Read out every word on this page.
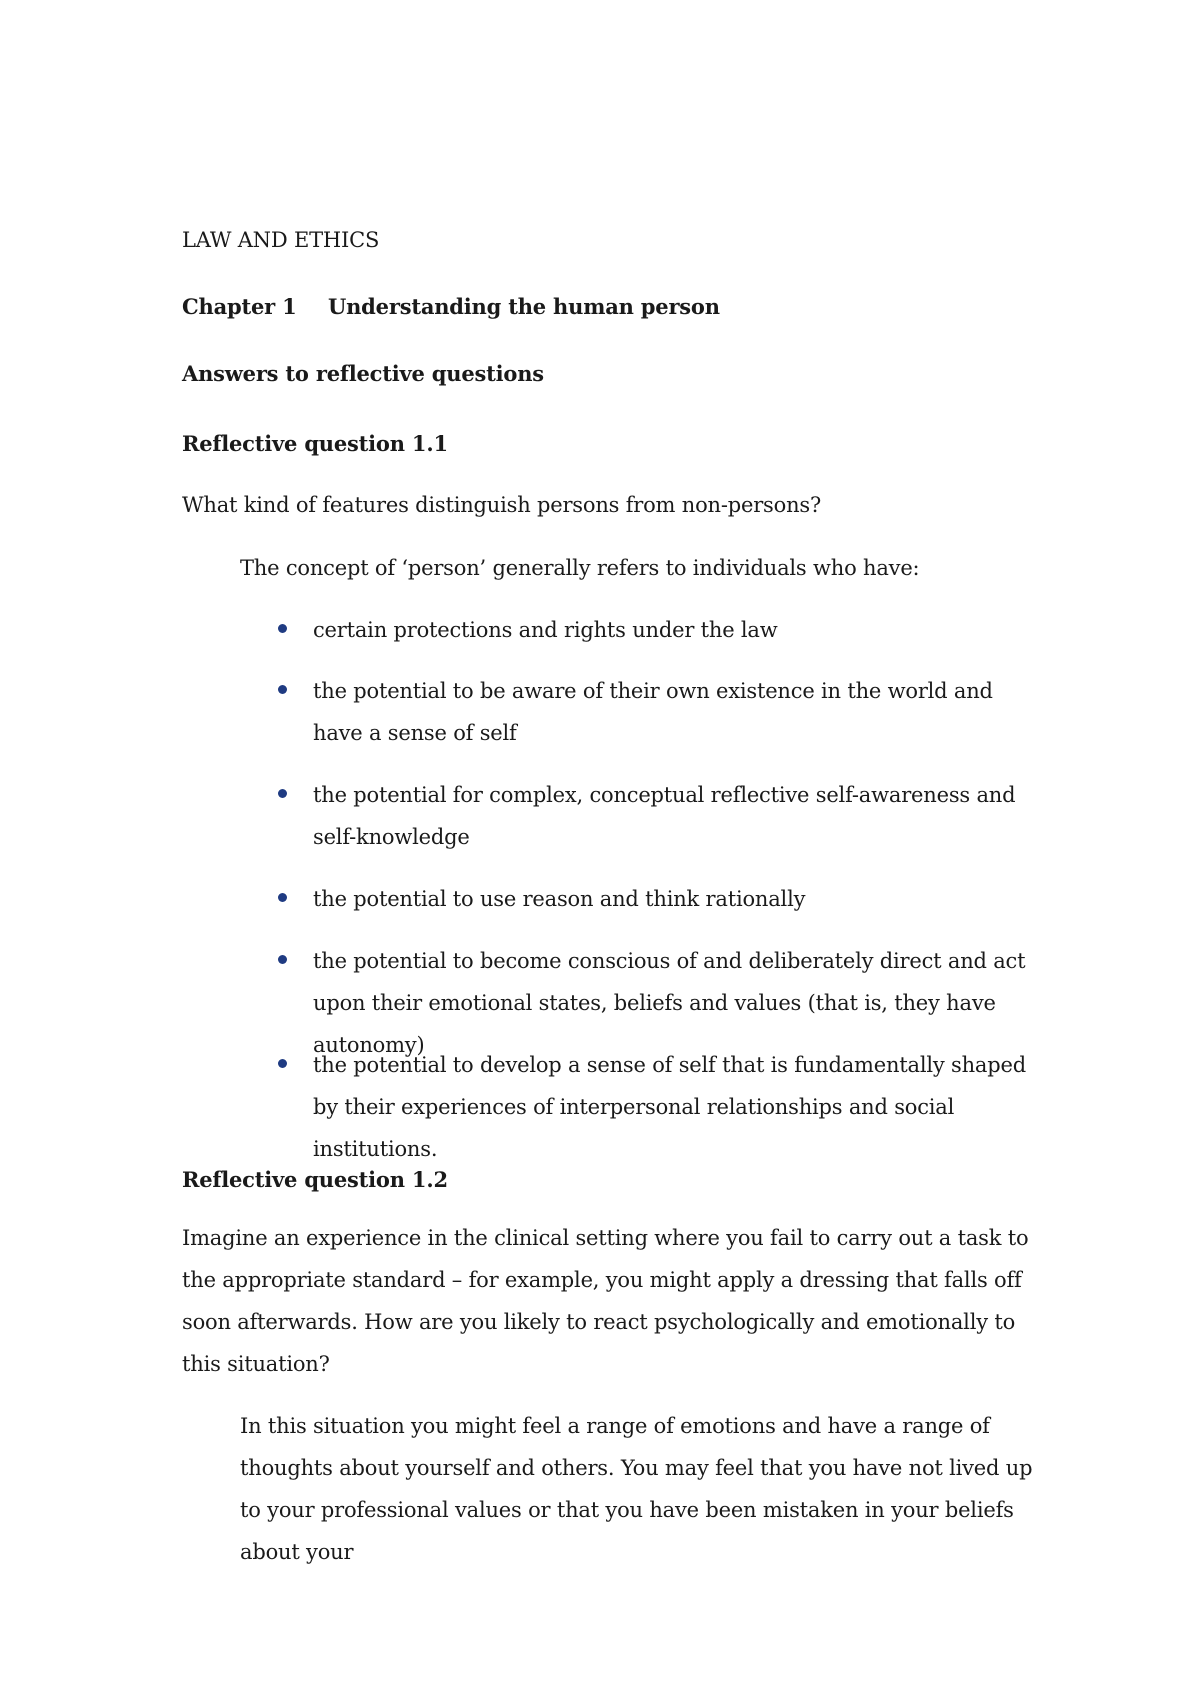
LAW AND ETHICS
Chapter 1 Understanding the human person
Answers to reflective questions
Reflective question 1.1
What kind of features distinguish persons from non-persons?
The concept of ‘person’ generally refers to individuals who have:
certain protections and rights under the law
the potential to be aware of their own existence in the world and have a sense of self
the potential for complex, conceptual reflective self-awareness and self-knowledge
the potential to use reason and think rationally
the potential to become conscious of and deliberately direct and act upon their emotional states, beliefs and values (that is, they have autonomy)
the potential to develop a sense of self that is fundamentally shaped by their experiences of interpersonal relationships and social institutions.
Reflective question 1.2
Imagine an experience in the clinical setting where you fail to carry out a task to the appropriate standard – for example, you might apply a dressing that falls off soon afterwards. How are you likely to react psychologically and emotionally to this situation?
In this situation you might feel a range of emotions and have a range of thoughts about yourself and others. You may feel that you have not lived up to your professional values or that you have been mistaken in your beliefs about your
